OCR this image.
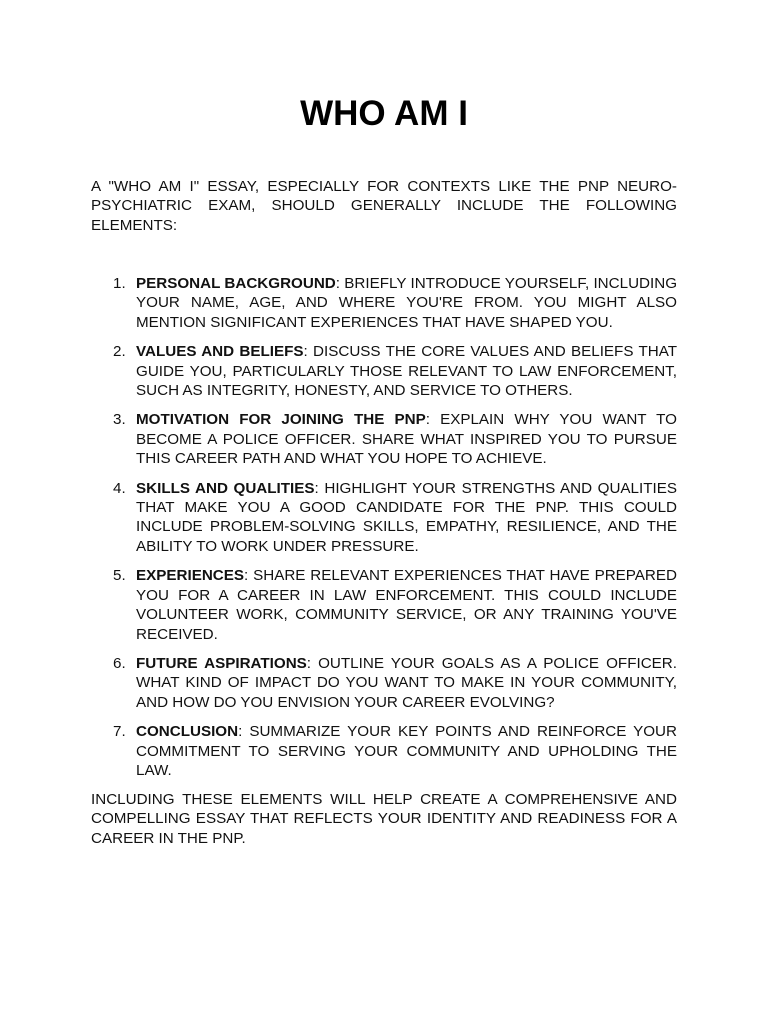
WHO AM I

A "WHO AM I" ESSAY, ESPECIALLY FOR CONTEXTS LIKE THE PNP NEURO-PSYCHIATRIC EXAM, SHOULD GENERALLY INCLUDE THE FOLLOWING ELEMENTS:

1. PERSONAL BACKGROUND: BRIEFLY INTRODUCE YOURSELF, INCLUDING YOUR NAME, AGE, AND WHERE YOU'RE FROM. YOU MIGHT ALSO MENTION SIGNIFICANT EXPERIENCES THAT HAVE SHAPED YOU.
2. VALUES AND BELIEFS: DISCUSS THE CORE VALUES AND BELIEFS THAT GUIDE YOU, PARTICULARLY THOSE RELEVANT TO LAW ENFORCEMENT, SUCH AS INTEGRITY, HONESTY, AND SERVICE TO OTHERS.
3. MOTIVATION FOR JOINING THE PNP: EXPLAIN WHY YOU WANT TO BECOME A POLICE OFFICER. SHARE WHAT INSPIRED YOU TO PURSUE THIS CAREER PATH AND WHAT YOU HOPE TO ACHIEVE.
4. SKILLS AND QUALITIES: HIGHLIGHT YOUR STRENGTHS AND QUALITIES THAT MAKE YOU A GOOD CANDIDATE FOR THE PNP. THIS COULD INCLUDE PROBLEM-SOLVING SKILLS, EMPATHY, RESILIENCE, AND THE ABILITY TO WORK UNDER PRESSURE.
5. EXPERIENCES: SHARE RELEVANT EXPERIENCES THAT HAVE PREPARED YOU FOR A CAREER IN LAW ENFORCEMENT. THIS COULD INCLUDE VOLUNTEER WORK, COMMUNITY SERVICE, OR ANY TRAINING YOU'VE RECEIVED.
6. FUTURE ASPIRATIONS: OUTLINE YOUR GOALS AS A POLICE OFFICER. WHAT KIND OF IMPACT DO YOU WANT TO MAKE IN YOUR COMMUNITY, AND HOW DO YOU ENVISION YOUR CAREER EVOLVING?
7. CONCLUSION: SUMMARIZE YOUR KEY POINTS AND REINFORCE YOUR COMMITMENT TO SERVING YOUR COMMUNITY AND UPHOLDING THE LAW.

INCLUDING THESE ELEMENTS WILL HELP CREATE A COMPREHENSIVE AND COMPELLING ESSAY THAT REFLECTS YOUR IDENTITY AND READINESS FOR A CAREER IN THE PNP.
